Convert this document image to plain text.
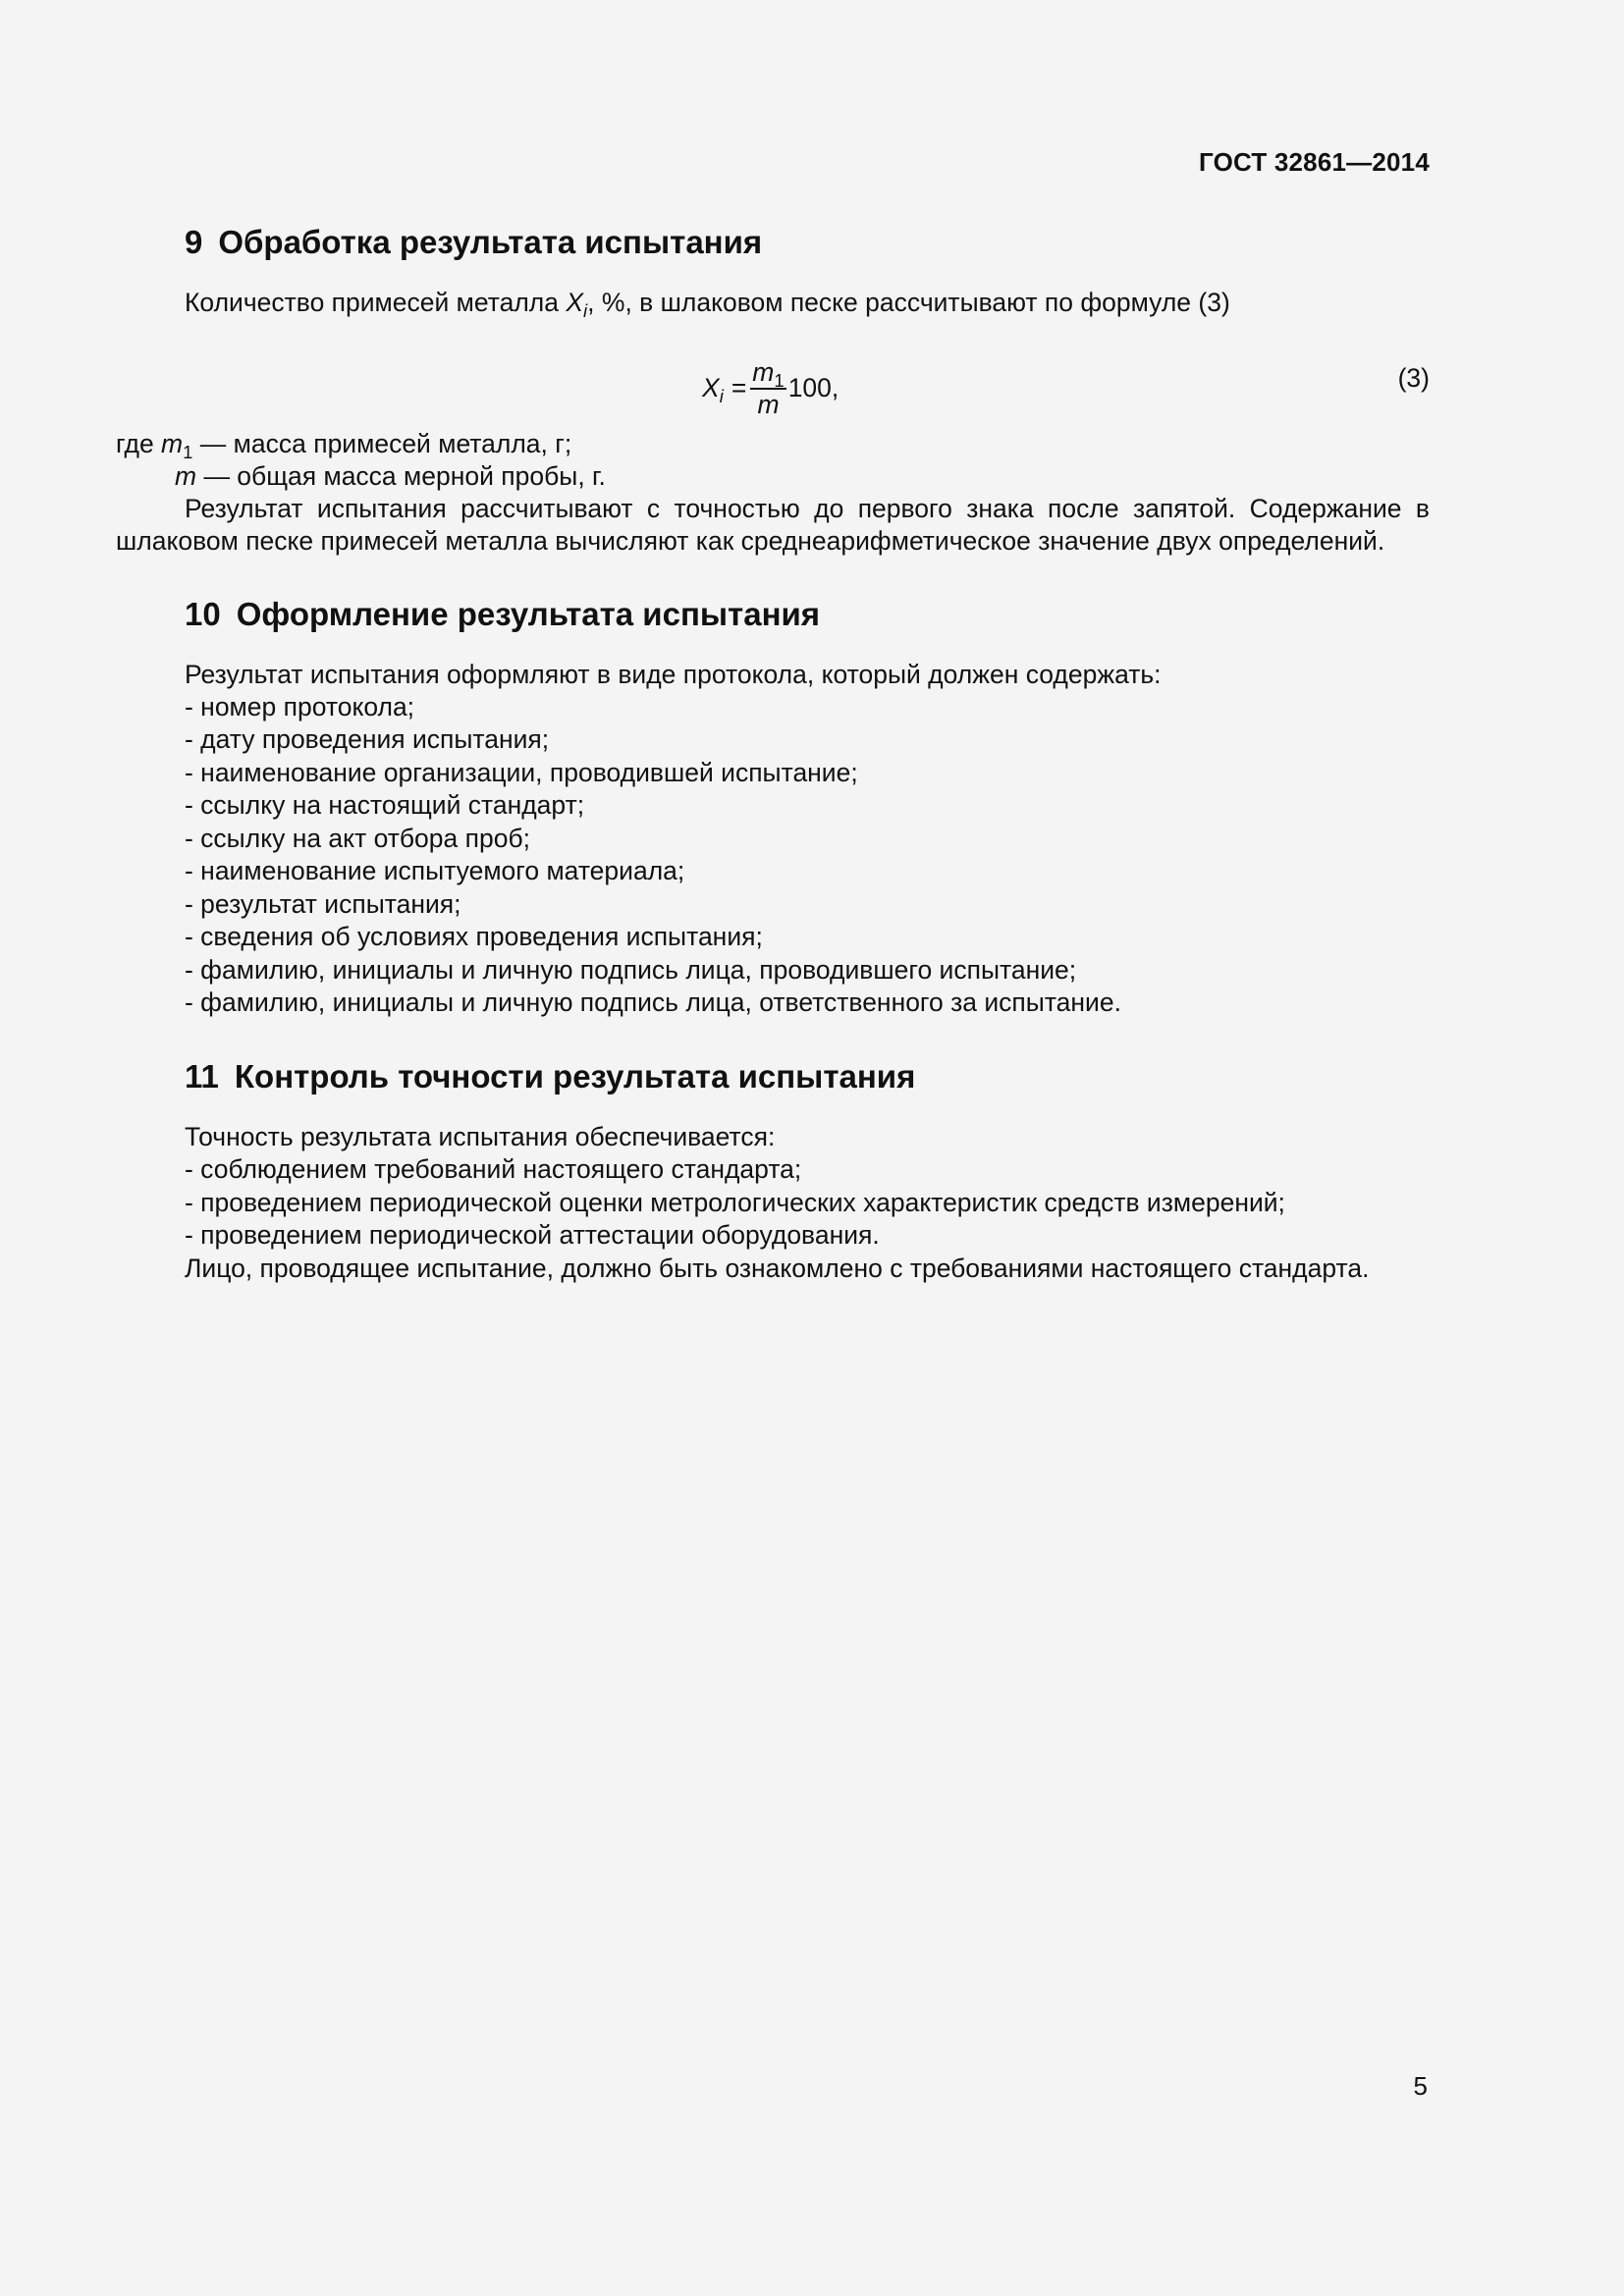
ГОСТ 32861—2014
9 Обработка результата испытания
Количество примесей металла $X_i$, %, в шлаковом песке рассчитывают по формуле (3)
$X_i = \frac{m_1}{m} 100$,	(3)
где $m_1$ — масса примесей металла, г;
m — общая масса мерной пробы, г.

Результат испытания рассчитывают с точностью до первого знака после запятой. Содержание в

шлаковом песке примесей металла вычисляют как среднеарифметическое значение двух определений.

10 Оформление результата испытания
Результат испытания оформляют в виде протокола, который должен содержать:
- номер протокола;
- дату проведения испытания;
- наименование организации, проводившей испытание;
- ссылку на настоящий стандарт;
- ссылку на акт отбора проб;
- наименование испытуемого материала;
- результат испытания;
- сведения об условиях проведения испытания;
- фамилию, инициалы и личную подпись лица, проводившего испытание;
- фамилию, инициалы и личную подпись лица, ответственного за испытание.
11 Контроль точности результата испытания
Точность результата испытания обеспечивается:
- соблюдением требований настоящего стандарта;
- проведением периодической оценки метрологических характеристик средств измерений;
- проведением периодической аттестации оборудования.
Лицо, проводящее испытание, должно быть ознакомлено с требованиями настоящего стандарта.
5
